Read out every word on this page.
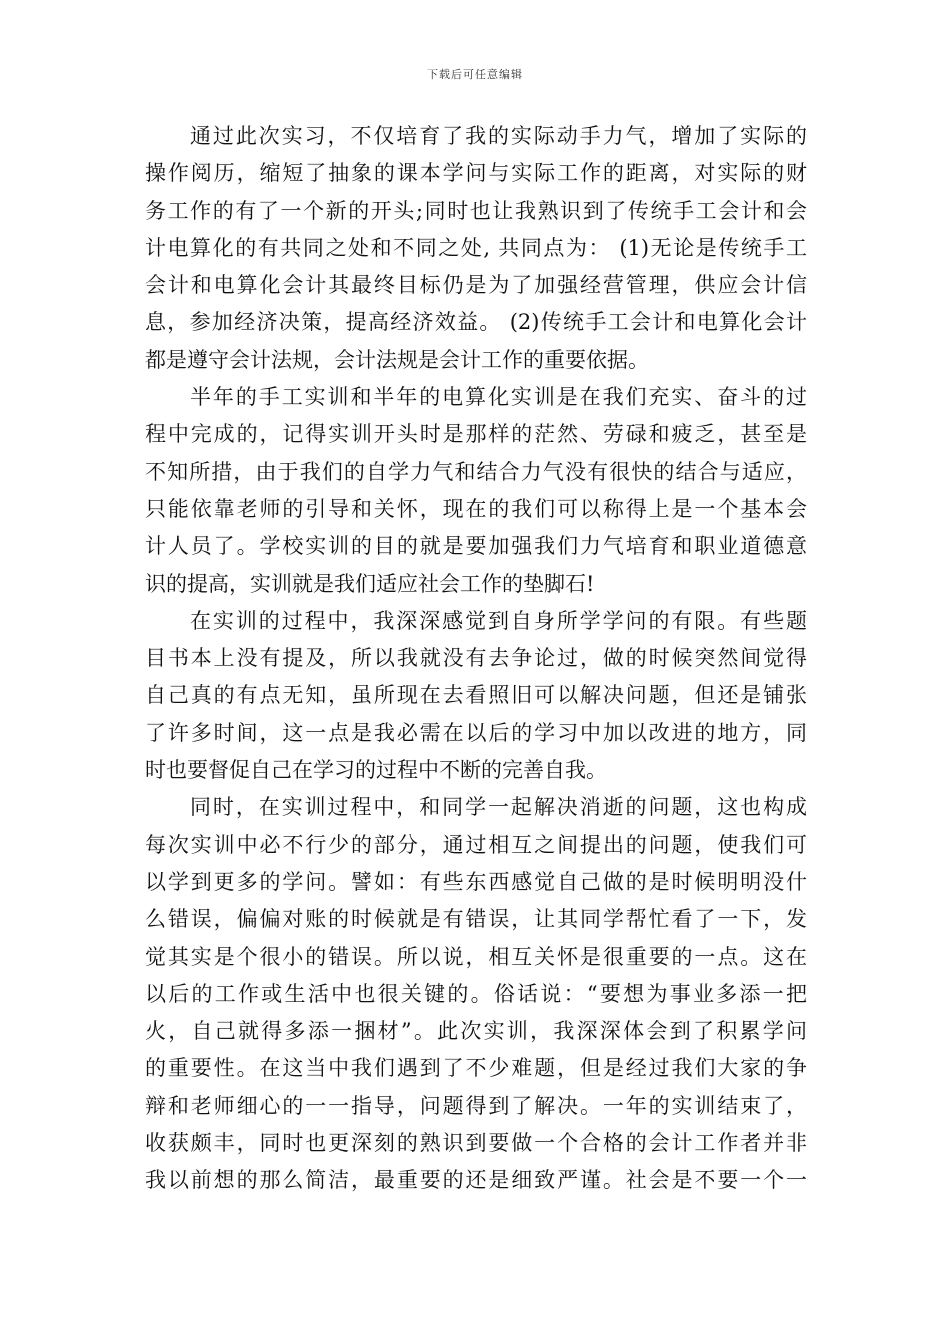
下载后可任意编辑
通过此次实习，不仅培育了我的实际动手力气，增加了实际的
操作阅历，缩短了抽象的课本学问与实际工作的距离，对实际的财
务工作的有了一个新的开头;同时也让我熟识到了传统手工会计和会
计电算化的有共同之处和不同之处, 共同点为： (1)无论是传统手工
会计和电算化会计其最终目标仍是为了加强经营管理，供应会计信
息，参加经济决策，提高经济效益。 (2)传统手工会计和电算化会计
都是遵守会计法规，会计法规是会计工作的重要依据。
半年的手工实训和半年的电算化实训是在我们充实、奋斗的过
程中完成的，记得实训开头时是那样的茫然、劳碌和疲乏，甚至是
不知所措，由于我们的自学力气和结合力气没有很快的结合与适应，
只能依靠老师的引导和关怀，现在的我们可以称得上是一个基本会
计人员了。学校实训的目的就是要加强我们力气培育和职业道德意
识的提高，实训就是我们适应社会工作的垫脚石!
在实训的过程中，我深深感觉到自身所学学问的有限。有些题
目书本上没有提及，所以我就没有去争论过，做的时候突然间觉得
自己真的有点无知，虽所现在去看照旧可以解决问题，但还是铺张
了许多时间，这一点是我必需在以后的学习中加以改进的地方，同
时也要督促自己在学习的过程中不断的完善自我。
同时，在实训过程中，和同学一起解决消逝的问题，这也构成
每次实训中必不行少的部分，通过相互之间提出的问题，使我们可
以学到更多的学问。譬如：有些东西感觉自己做的是时候明明没什
么错误，偏偏对账的时候就是有错误，让其同学帮忙看了一下，发
觉其实是个很小的错误。所以说，相互关怀是很重要的一点。这在
以后的工作或生活中也很关键的。俗话说：“要想为事业多添一把
火，自己就得多添一捆材”。此次实训，我深深体会到了积累学问
的重要性。在这当中我们遇到了不少难题，但是经过我们大家的争
辩和老师细心的一一指导，问题得到了解决。一年的实训结束了，
收获颇丰，同时也更深刻的熟识到要做一个合格的会计工作者并非
我以前想的那么简洁，最重要的还是细致严谨。社会是不要一个一
